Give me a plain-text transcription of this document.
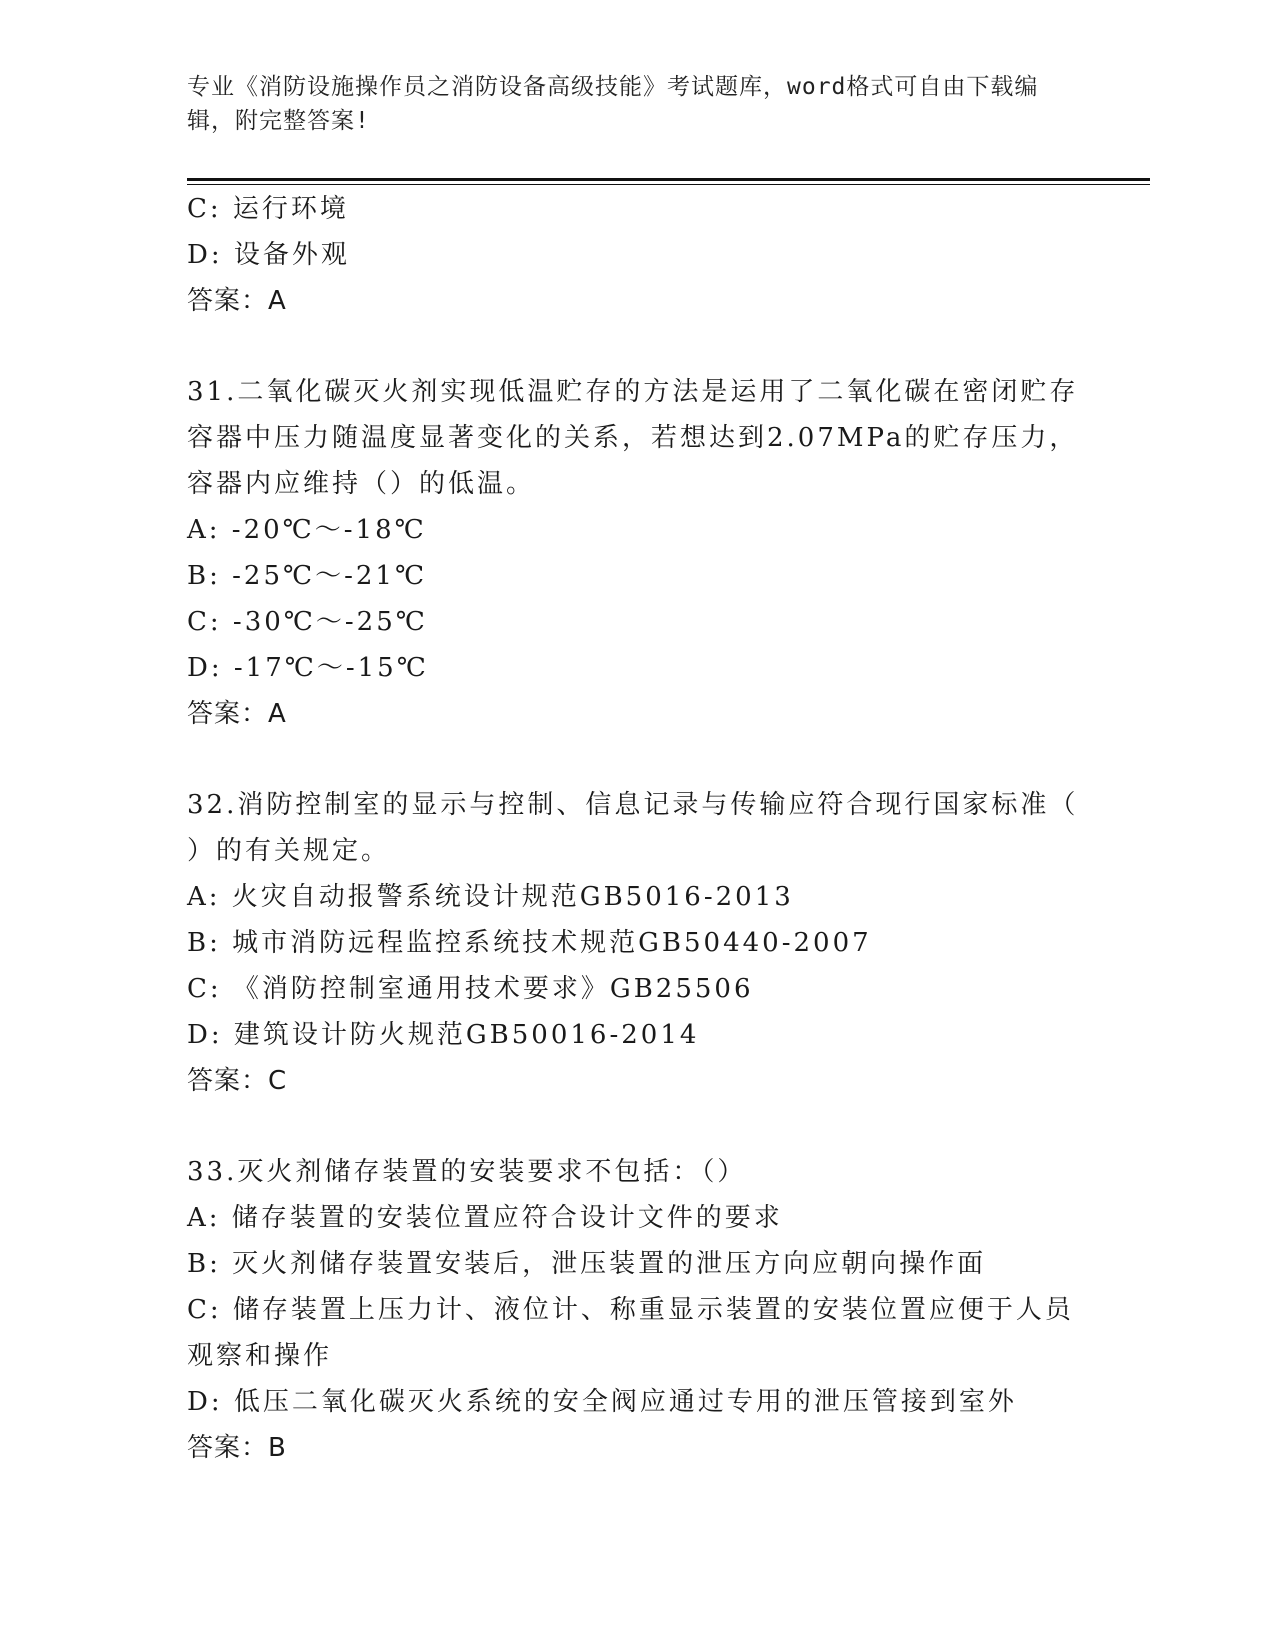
专业《消防设施操作员之消防设备高级技能》考试题库，word格式可自由下载编
辑，附完整答案!

C: 运行环境

D: 设备外观

答案：A

31.二氧化碳灭火剂实现低温贮存的方法是运用了二氧化碳在密闭贮存

容器中压力随温度显著变化的关系，若想达到2.07MPa的贮存压力，

容器内应维持（）的低温。

A: -20℃～-18℃

B: -25℃～-21℃

C: -30℃～-25℃

D: -17℃～-15℃

答案：A

32.消防控制室的显示与控制、信息记录与传输应符合现行国家标准（

）的有关规定。

A: 火灾自动报警系统设计规范GB5016-2013

B: 城市消防远程监控系统技术规范GB50440-2007

C: 《消防控制室通用技术要求》GB25506

D: 建筑设计防火规范GB50016-2014

答案：C

33.灭火剂储存装置的安装要求不包括：（）

A: 储存装置的安装位置应符合设计文件的要求

B: 灭火剂储存装置安装后，泄压装置的泄压方向应朝向操作面

C: 储存装置上压力计、液位计、称重显示装置的安装位置应便于人员

观察和操作

D: 低压二氧化碳灭火系统的安全阀应通过专用的泄压管接到室外

答案：B
